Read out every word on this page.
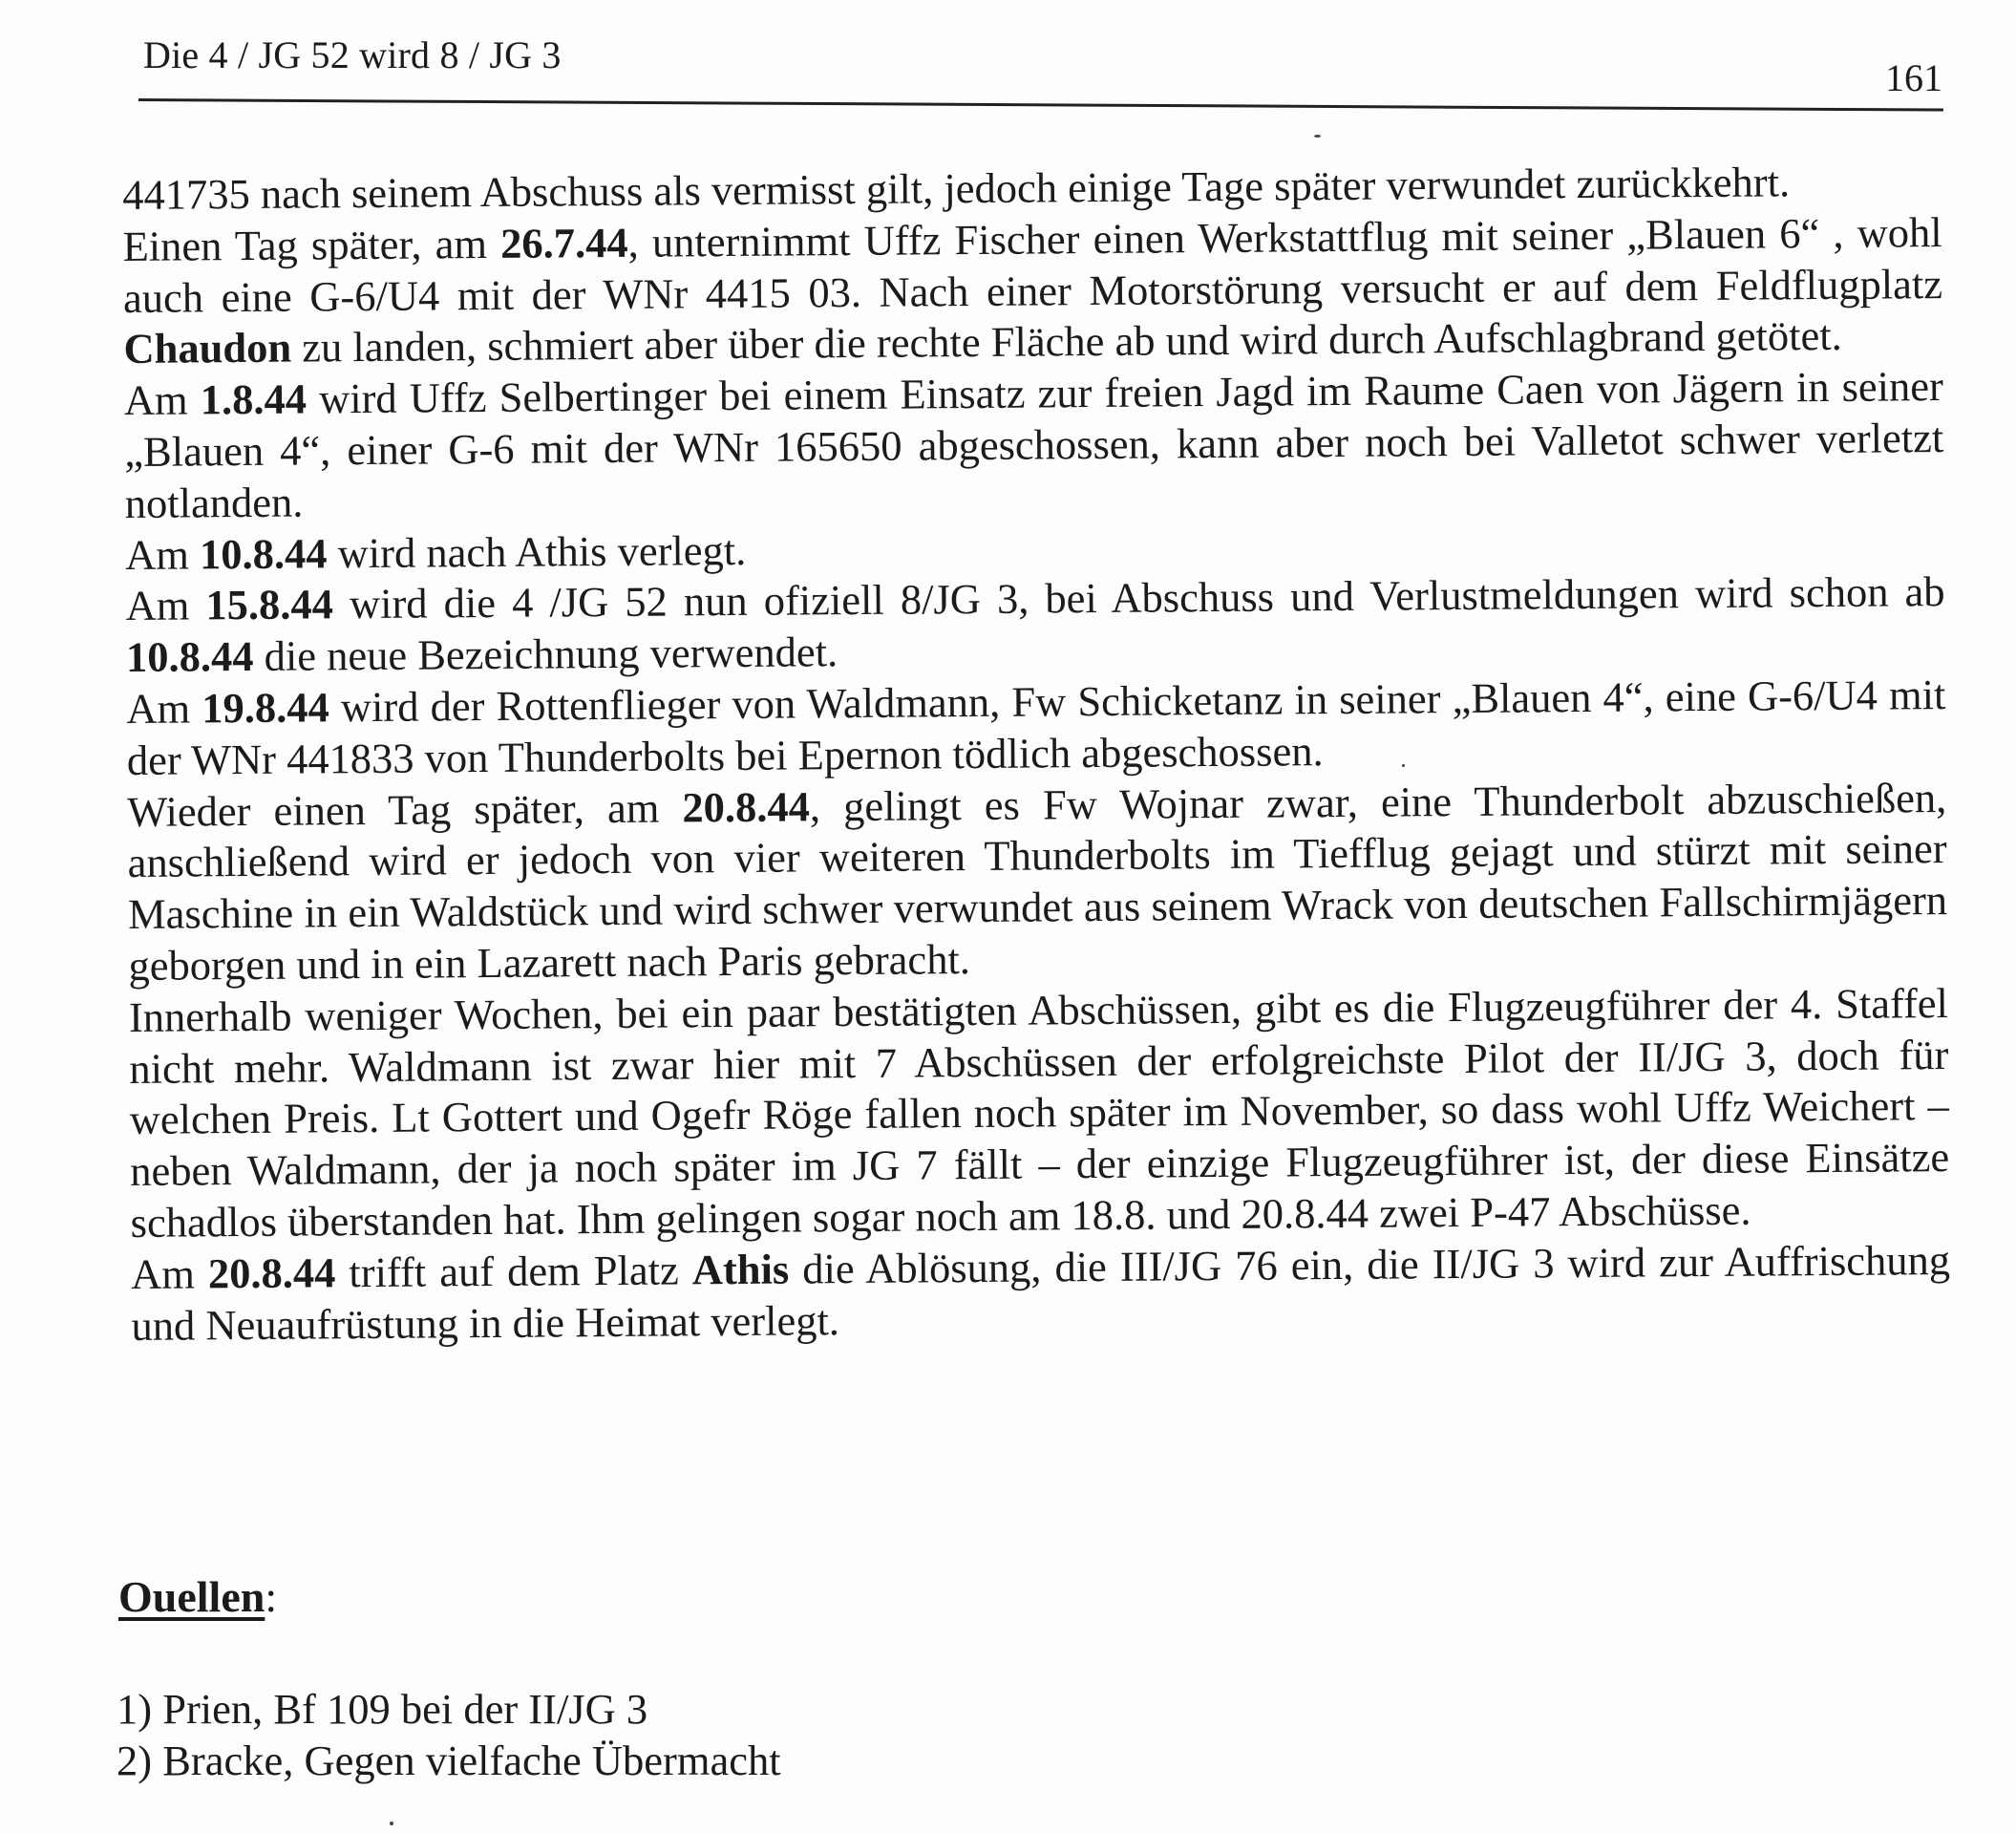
Die 4 / JG 52 wird 8 / JG 3
161

441735 nach seinem Abschuss als vermisst gilt, jedoch einige Tage später verwundet zurückkehrt.

Einen Tag später, am 26.7.44, unternimmt Uffz Fischer einen Werkstattflug mit seiner „Blauen 6“ , wohl auch eine G-6/U4 mit der WNr 4415 03. Nach einer Motorstörung versucht er auf dem Feldflugplatz Chaudon zu landen, schmiert aber über die rechte Fläche ab und wird durch Aufschlagbrand getötet.

Am 1.8.44 wird Uffz Selbertinger bei einem Einsatz zur freien Jagd im Raume Caen von Jägern in seiner „Blauen 4“, einer G-6 mit der WNr 165650 abgeschossen, kann aber noch bei Valletot schwer verletzt notlanden.

Am 10.8.44 wird nach Athis verlegt.

Am 15.8.44 wird die 4 /JG 52 nun ofiziell 8/JG 3, bei Abschuss und Verlustmeldungen wird schon ab 10.8.44 die neue Bezeichnung verwendet.

Am 19.8.44 wird der Rottenflieger von Waldmann, Fw Schicketanz in seiner „Blauen 4“, eine G-6/U4 mit der WNr 441833 von Thunderbolts bei Epernon tödlich abgeschossen.

Wieder einen Tag später, am 20.8.44, gelingt es Fw Wojnar zwar, eine Thunderbolt abzuschießen, anschließend wird er jedoch von vier weiteren Thunderbolts im Tiefflug gejagt und stürzt mit seiner Maschine in ein Waldstück und wird schwer verwundet aus seinem Wrack von deutschen Fallschirmjägern geborgen und in ein Lazarett nach Paris gebracht.

Innerhalb weniger Wochen, bei ein paar bestätigten Abschüssen, gibt es die Flugzeugführer der 4. Staffel nicht mehr. Waldmann ist zwar hier mit 7 Abschüssen der erfolgreichste Pilot der II/JG 3, doch für welchen Preis. Lt Gottert und Ogefr Röge fallen noch später im November, so dass wohl Uffz Weichert – neben Waldmann, der ja noch später im JG 7 fällt – der einzige Flugzeugführer ist, der diese Einsätze schadlos überstanden hat. Ihm gelingen sogar noch am 18.8. und 20.8.44 zwei P-47 Abschüsse.

Am 20.8.44 trifft auf dem Platz Athis die Ablösung, die III/JG 76 ein, die II/JG 3 wird zur Auffrischung und Neuaufrüstung in die Heimat verlegt.

Ouellen:
1) Prien, Bf 109 bei der II/JG 3
2) Bracke, Gegen vielfache Übermacht
